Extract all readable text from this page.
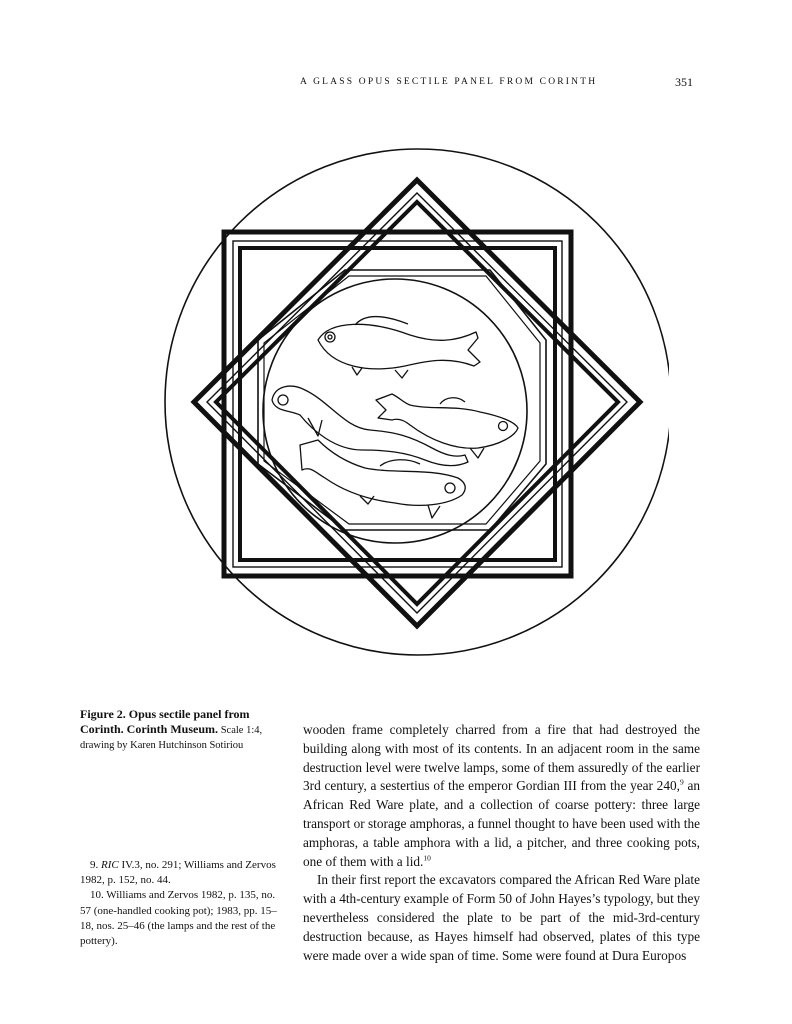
A GLASS OPUS SECTILE PANEL FROM CORINTH	351
Figure 2. Opus sectile panel from Corinth. Corinth Museum. Scale 1:4, drawing by Karen Hutchinson Sotiriou

9. RIC IV.3, no. 291; Williams and Zervos 1982, p. 152, no. 44.

10. Williams and Zervos 1982, p. 135, no. 57 (one-handled cooking pot); 1983, pp. 15–18, nos. 25–46 (the lamps and the rest of the pottery).

wooden frame completely charred from a fire that had destroyed the building along with most of its contents. In an adjacent room in the same destruction level were twelve lamps, some of them assuredly of the earlier 3rd century, a sestertius of the emperor Gordian III from the year 240,$^9$ an African Red Ware plate, and a collection of coarse pottery: three large transport or storage amphoras, a funnel thought to have been used with the amphoras, a table amphora with a lid, a pitcher, and three cooking pots, one of them with a lid.$^{10}$

In their first report the excavators compared the African Red Ware plate with a 4th-century example of Form 50 of John Hayes’s typology, but they nevertheless considered the plate to be part of the mid-3rd-century destruction because, as Hayes himself had observed, plates of this type were made over a wide span of time. Some were found at Dura Europos
